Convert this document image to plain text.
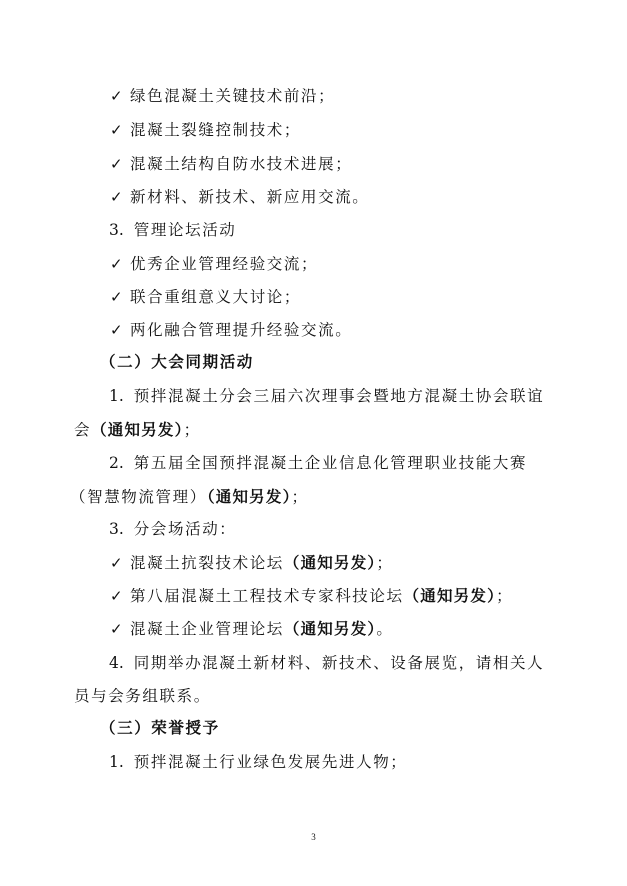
✓ 绿色混凝土关键技术前沿；
✓ 混凝土裂缝控制技术；
✓ 混凝土结构自防水技术进展；
✓ 新材料、新技术、新应用交流。
3. 管理论坛活动
✓ 优秀企业管理经验交流；
✓ 联合重组意义大讨论；
✓ 两化融合管理提升经验交流。
（二）大会同期活动
1. 预拌混凝土分会三届六次理事会暨地方混凝土协会联谊
会（通知另发）；
2. 第五届全国预拌混凝土企业信息化管理职业技能大赛
（智慧物流管理）（通知另发）；
3. 分会场活动：
✓ 混凝土抗裂技术论坛（通知另发）；
✓ 第八届混凝土工程技术专家科技论坛（通知另发）；
✓ 混凝土企业管理论坛（通知另发）。
4. 同期举办混凝土新材料、新技术、设备展览，请相关人
员与会务组联系。
（三）荣誉授予
1. 预拌混凝土行业绿色发展先进人物；
3
